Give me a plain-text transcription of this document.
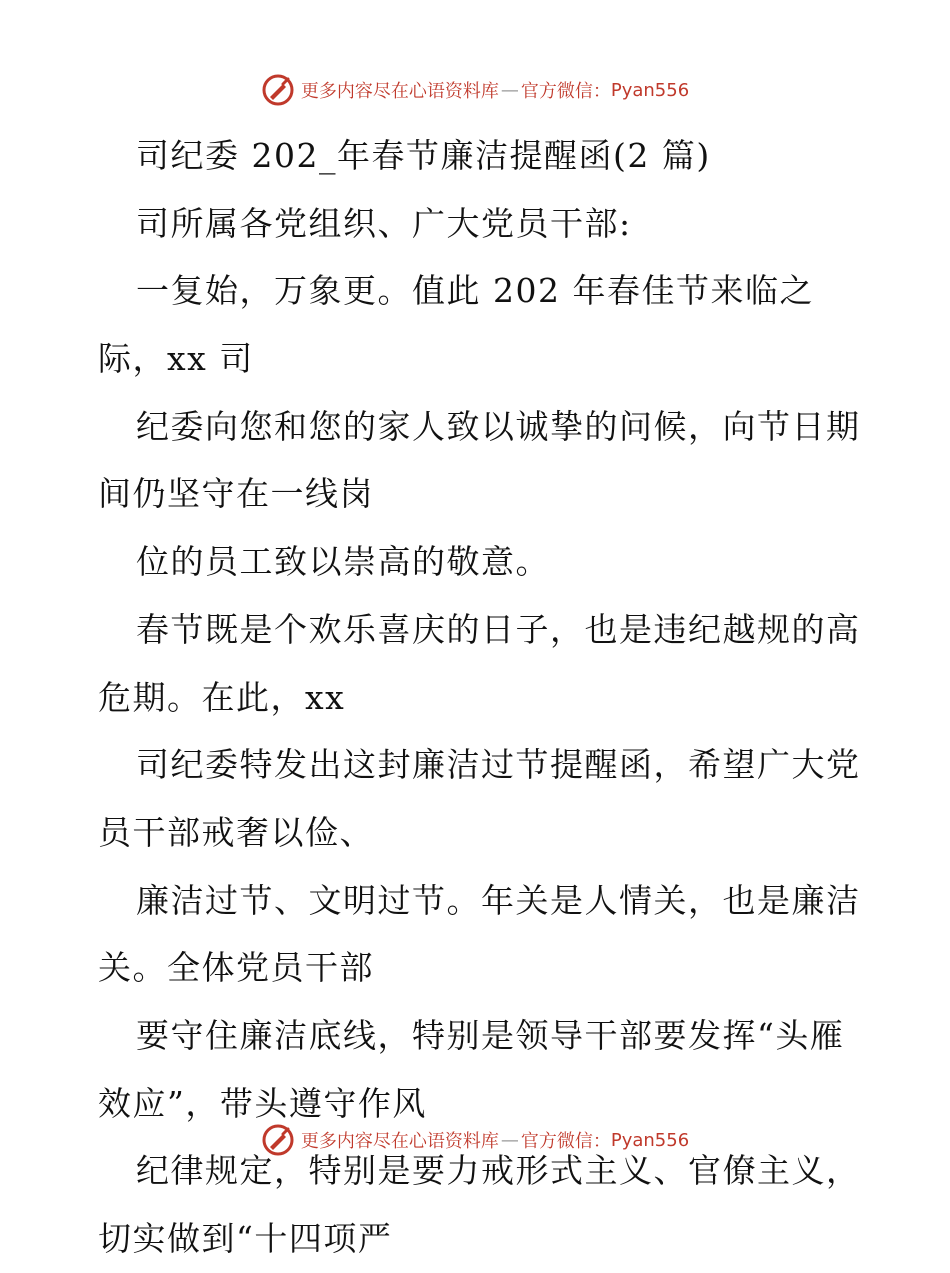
更多内容尽在心语资料库 — 官方微信： Pyan556
司纪委 202_年春节廉洁提醒函(2 篇)
司所属各党组织、广大党员干部:
一复始，万象更。值此 202 年春佳节来临之
际，xx 司
纪委向您和您的家人致以诚挚的问候，向节日期
间仍坚守在一线岗
位的员工致以崇高的敬意。
春节既是个欢乐喜庆的日子，也是违纪越规的高
危期。在此，xx
司纪委特发出这封廉洁过节提醒函，希望广大党
员干部戒奢以俭、
廉洁过节、文明过节。年关是人情关，也是廉洁
关。全体党员干部
要守住廉洁底线，特别是领导干部要发挥“头雁
效应”，带头遵守作风
纪律规定，特别是要力戒形式主义、官僚主义，
切实做到“十四项严
更多内容尽在心语资料库 — 官方微信： Pyan556
